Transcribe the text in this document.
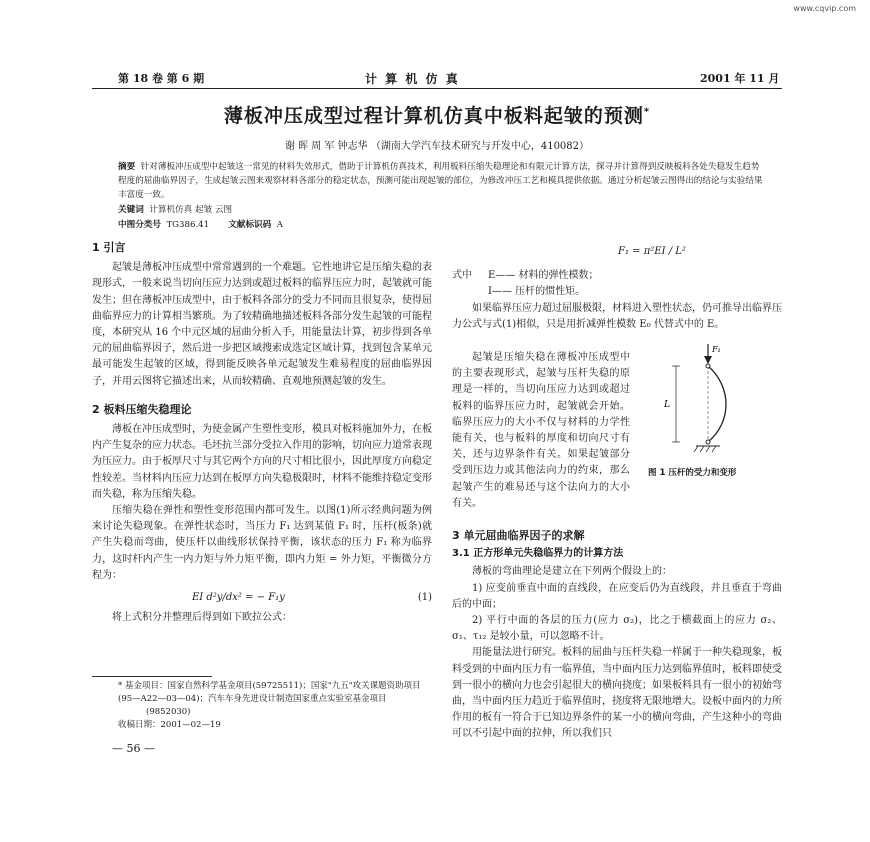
www.cqvip.com
第 18 卷 第 6 期	计 算 机 仿 真	2001 年 11 月
薄板冲压成型过程计算机仿真中板料起皱的预测*
谢 晖 周 军 钟志华 （湖南大学汽车技术研究与开发中心，410082）
摘要 针对薄板冲压成型中起皱这一常见的材料失效形式，借助于计算机仿真技术，利用板料压缩失稳理论和有限元计算方法，探寻并计算得到反映板料各处失稳发生趋势程度的屈曲临界因子，生成起皱云图来观察材料各部分的稳定状态，预测可能出现起皱的部位，为修改冲压工艺和模具提供依据。通过分析起皱云图得出的结论与实验结果丰富度一致。
关键词 计算机仿真 起皱 云图
中图分类号 TG386.41 文献标识码 A
1 引言

起皱是薄板冲压成型中常常遇到的一个难题。它性地讲它是压缩失稳的表现形式，一般来说当切向压应力达到或超过板料的临界压应力时，起皱就可能发生；但在薄板冲压成型中，由于板料各部分的受力不同而且很复杂，使得屈曲临界应力的计算相当繁琐。为了较精确地描述板料各部分发生起皱的可能程度，本研究从 16 个中元区域的屈曲分析入手，用能量法计算，初步得到各单元的屈曲临界因子，然后进一步把区域搜索成选定区域计算，找到包含某单元最可能发生起皱的区域，得到能反映各单元起皱发生难易程度的屈曲临界因子，并用云图将它描述出来，从而较精确、直观地预测起皱的发生。

2 板料压缩失稳理论

薄板在冲压成型时，为使金属产生塑性变形，模具对板料施加外力，在板内产生复杂的应力状态。毛坯抗兰部分受拉入作用的影响，切向应力道常表现为压应力。由于板厚尺寸与其它两个方向的尺寸相比很小，因此厚度方向稳定性较差。当材料内压应力达到在板厚方向失稳极限时，材料不能维持稳定变形而失稳，称为压缩失稳。

压缩失稳在弹性和塑性变形范围内都可发生。以图(1)所示经典问题为例来讨论失稳现象。在弹性状态时，当压力 F₁ 达到某值 F₁ 时，压杆(板条)就产生失稳而弯曲，使压杆以曲线形状保持平衡，该状态的压力 F₁ 称为临界力，这时杆内产生一内力矩与外力矩平衡，即内力矩 = 外力矩，平衡微分方程为：

EI d²y/dx² = − F₁y	(1)

将上式积分并整理后得到如下欧拉公式：

* 基金项目：国家自然科学基金项目(59725511)；国家"九五"攻关课题资助项目(95—A22—03—04)；汽车车身先进设计制造国家重点实验室基金项目
(9852030)
收稿日期：2001—02—19
— 56 —
F₁ = π²EI / L²
式中 E—— 材料的弹性模数；
I—— 压杆的惯性矩。

如果临界压应力超过屈服极限，材料进入塑性状态，仍可推导出临界压力公式与式(1)相似，只是用折减弹性模数 E₀ 代替式中的 E。

起皱是压缩失稳在薄板冲压成型中的主要表现形式，起皱与压杆失稳的原理是一样的，当切向压应力达到或超过板料的临界压应力时，起皱就会开始。临界压应力的大小不仅与材料的力学性能有关，也与板料的厚度和切向尺寸有关，还与边界条件有关。如果起皱部分受到压边力或其他法向力的约束，那么起皱产生的难易还与这个法向力的大小有关。

F₁
L
图 1 压杆的受力和变形
3 单元屈曲临界因子的求解
3.1 正方形单元失稳临界力的计算方法

薄板的弯曲理论是建立在下列两个假设上的：

1) 应变前垂直中面的直线段，在应变后仍为直线段，并且垂直于弯曲后的中面；

2) 平行中面的各层的压力(应力 σ₂)，比之于横截面上的应力 σ₂、σ₁、τ₁₂ 是较小量，可以忽略不计。

用能量法进行研究。板料的屈曲与压杆失稳一样属于一种失稳现象，板料受到的中面内压力有一临界值，当中面内压力达到临界值时，板料即使受到一很小的横向力也会引起很大的横向挠度；如果板料具有一很小的初始弯曲，当中面内压力趋近于临界值时，挠度将无限地增大。设板中面内的力所作用的板有一符合于已知边界条件的某一小的横向弯曲，产生这种小的弯曲可以不引起中面的拉伸，所以我们只
